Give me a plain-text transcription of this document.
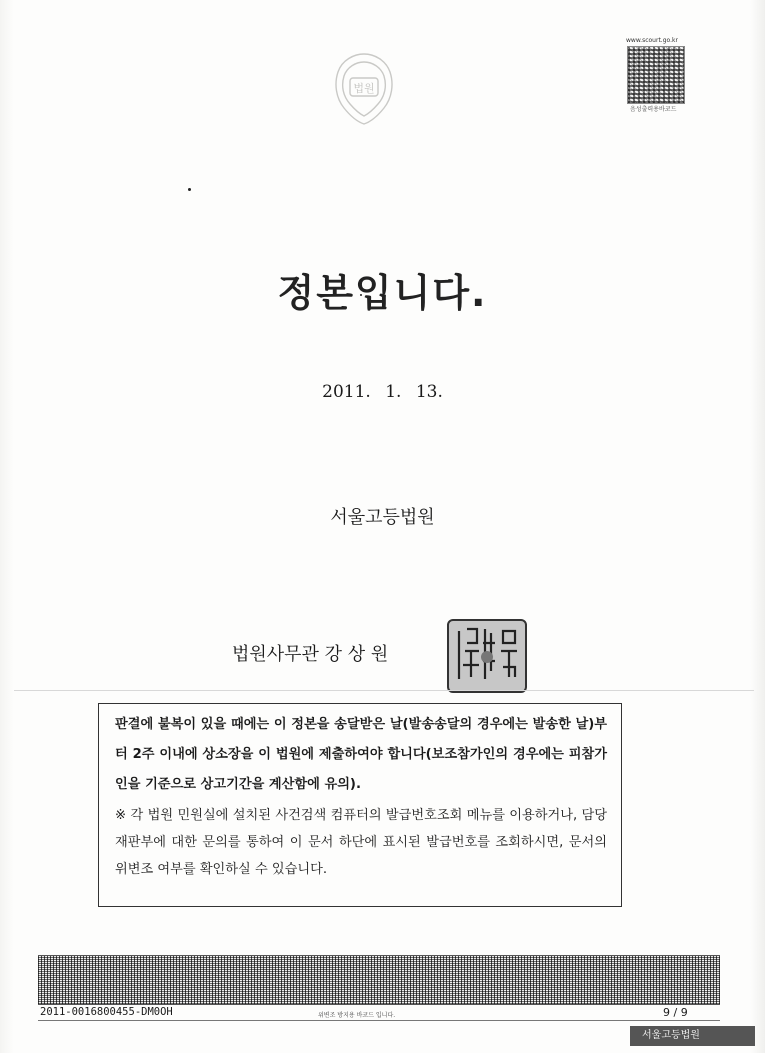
법원
www.scourt.go.kr
음성출력용바코드
정본입니다.
2011. 1. 13.
서울고등법원
법원사무관 강 상 원
판결에 불복이 있을 때에는 이 정본을 송달받은 날(발송송달의 경우에는 발송한 날)부터 2주 이내에 상소장을 이 법원에 제출하여야 합니다(보조참가인의 경우에는 피참가인을 기준으로 상고기간을 계산함에 유의).
※ 각 법원 민원실에 설치된 사건검색 컴퓨터의 발급번호조회 메뉴를 이용하거나, 담당 재판부에 대한 문의를 통하여 이 문서 하단에 표시된 발급번호를 조회하시면, 문서의 위변조 여부를 확인하실 수 있습니다.
2011-0016800455-DM0OH	위변조 방지용 바코드 입니다.	9 / 9
서울고등법원
